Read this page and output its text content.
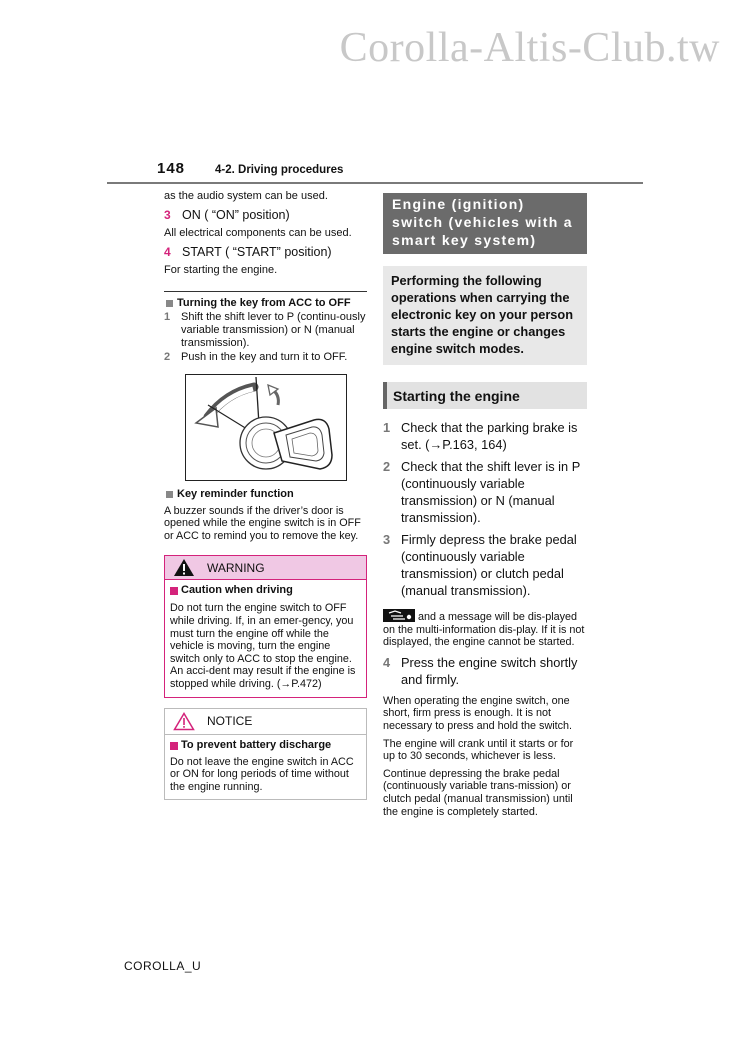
Corolla-Altis-Club.tw
148	4-2. Driving procedures
as the audio system can be used.
3 ON ( “ON” position)
All electrical components can be used.
4 START ( “START” position)
For starting the engine.
Turning the key from ACC to OFF
1 Shift the shift lever to P (continu-ously variable transmission) or N (manual transmission).
2 Push in the key and turn it to OFF.
Key reminder function
A buzzer sounds if the driver’s door is opened while the engine switch is in OFF or ACC to remind you to remove the key.
WARNING
Caution when driving
Do not turn the engine switch to OFF while driving. If, in an emer-gency, you must turn the engine off while the vehicle is moving, turn the engine switch only to ACC to stop the engine. An acci-dent may result if the engine is stopped while driving. (→P.472)
NOTICE
To prevent battery discharge
Do not leave the engine switch in ACC or ON for long periods of time without the engine running.
Engine (ignition) switch (vehicles with a smart key system)
Performing the following operations when carrying the electronic key on your person starts the engine or changes engine switch modes.
Starting the engine
1 Check that the parking brake is set. (→P.163, 164)
2 Check that the shift lever is in P (continuously variable transmission) or N (manual transmission).
3 Firmly depress the brake pedal (continuously variable transmission) or clutch pedal (manual transmission).
and a message will be dis-played on the multi-information dis-play. If it is not displayed, the engine cannot be started.
4 Press the engine switch shortly and firmly.
When operating the engine switch, one short, firm press is enough. It is not necessary to press and hold the switch.
The engine will crank until it starts or for up to 30 seconds, whichever is less.
Continue depressing the brake pedal (continuously variable trans-mission) or clutch pedal (manual transmission) until the engine is completely started.
COROLLA_U
